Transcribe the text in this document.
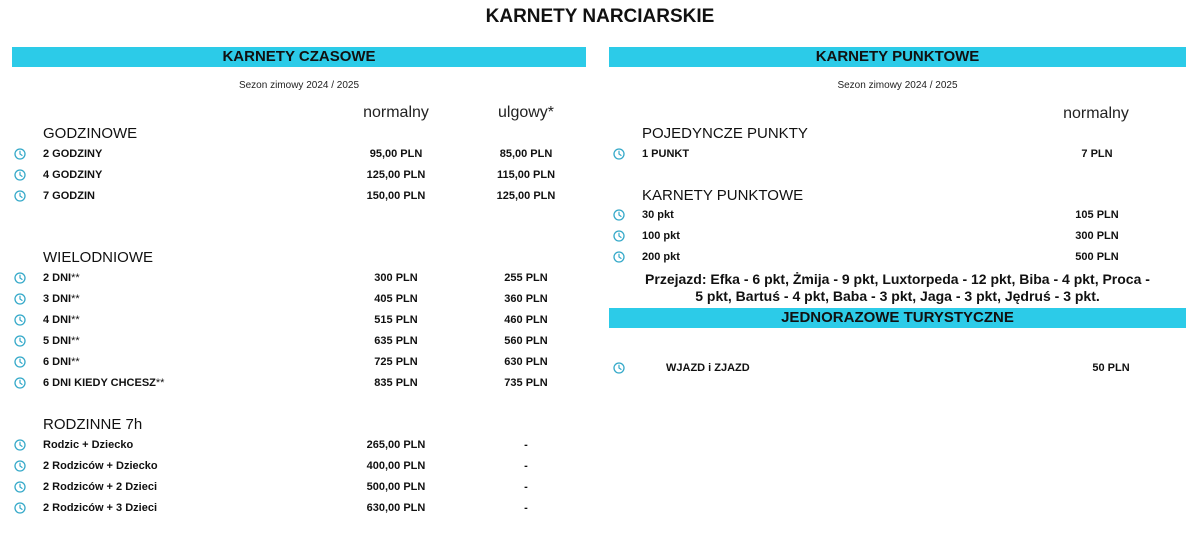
KARNETY NARCIARSKIE
KARNETY CZASOWE
Sezon zimowy 2024 / 2025
normalny	ulgowy*
GODZINOWE
WIELODNIOWE
RODZINNE 7h
2 GODZINY	95,00 PLN	85,00 PLN
4 GODZINY	125,00 PLN	115,00 PLN
7 GODZIN	150,00 PLN	125,00 PLN
2 DNI**	300 PLN	255 PLN
3 DNI**	405 PLN	360 PLN
4 DNI**	515 PLN	460 PLN
5 DNI**	635 PLN	560 PLN
6 DNI**	725 PLN	630 PLN
6 DNI KIEDY CHCESZ**	835 PLN	735 PLN
Rodzic + Dziecko	265,00 PLN	-
2 Rodziców + Dziecko	400,00 PLN	-
2 Rodziców + 2 Dzieci	500,00 PLN	-
2 Rodziców + 3 Dzieci	630,00 PLN	-
KARNETY PUNKTOWE
Sezon zimowy 2024 / 2025
normalny
POJEDYNCZE PUNKTY
KARNETY PUNKTOWE
1 PUNKT	7 PLN
30 pkt	105 PLN
100 pkt	300 PLN
200 pkt	500 PLN
Przejazd: Efka - 6 pkt, Żmija - 9 pkt, Luxtorpeda - 12 pkt, Biba - 4 pkt, Proca -
5 pkt, Bartuś - 4 pkt, Baba - 3 pkt, Jaga - 3 pkt, Jędruś - 3 pkt.
JEDNORAZOWE TURYSTYCZNE
WJAZD i ZJAZD	50 PLN
